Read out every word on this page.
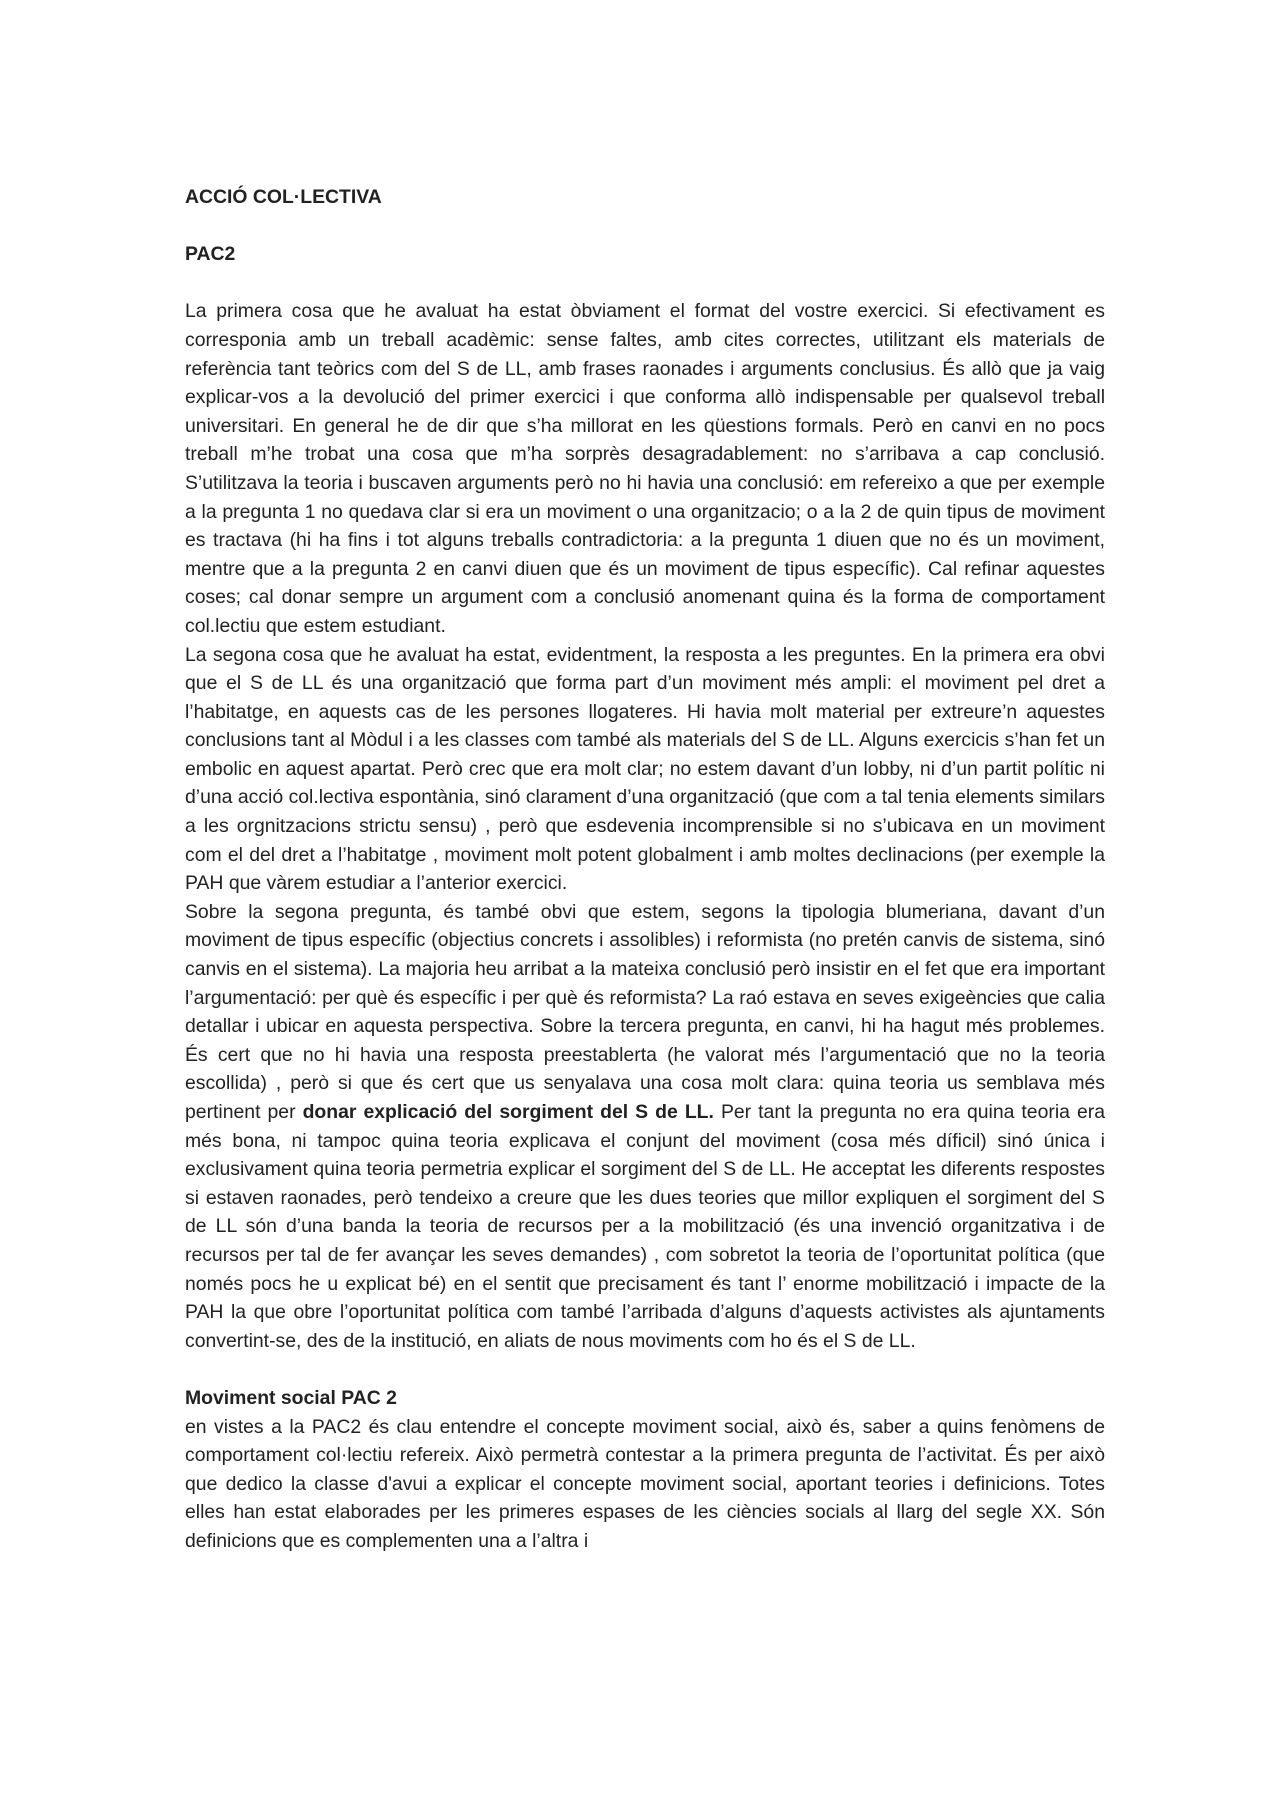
ACCIÓ COL·LECTIVA

PAC2

La primera cosa que he avaluat ha estat òbviament el format del vostre exercici. Si efectivament es corresponia amb un treball acadèmic: sense faltes, amb cites correctes, utilitzant els materials de referència tant teòrics com del S de LL, amb frases raonades i arguments conclusius. És allò que ja vaig explicar-vos a la devolució del primer exercici i que conforma allò indispensable per qualsevol treball universitari. En general he de dir que s’ha millorat en les qüestions formals. Però en canvi en no pocs treball m’he trobat una cosa que m’ha sorprès desagradablement: no s’arribava a cap conclusió. S’utilitzava la teoria i buscaven arguments però no hi havia una conclusió: em refereixo a que per exemple a la pregunta 1 no quedava clar si era un moviment o una organitzacio; o a la 2 de quin tipus de moviment es tractava (hi ha fins i tot alguns treballs contradictoria: a la pregunta 1 diuen que no és un moviment, mentre que a la pregunta 2 en canvi diuen que és un moviment de tipus específic). Cal refinar aquestes coses; cal donar sempre un argument com a conclusió anomenant quina és la forma de comportament col.lectiu que estem estudiant.

La segona cosa que he avaluat ha estat, evidentment, la resposta a les preguntes. En la primera era obvi que el S de LL és una organització que forma part d’un moviment més ampli: el moviment pel dret a l’habitatge, en aquests cas de les persones llogateres. Hi havia molt material per extreure’n aquestes conclusions tant al Mòdul i a les classes com també als materials del S de LL. Alguns exercicis s’han fet un embolic en aquest apartat. Però crec que era molt clar; no estem davant d’un lobby, ni d’un partit polític ni d’una acció col.lectiva espontània, sinó clarament d’una organització (que com a tal tenia elements similars a les orgnitzacions strictu sensu) , però que esdevenia incomprensible si no s’ubicava en un moviment com el del dret a l’habitatge , moviment molt potent globalment i amb moltes declinacions (per exemple la PAH que vàrem estudiar a l’anterior exercici.

Sobre la segona pregunta, és també obvi que estem, segons la tipologia blumeriana, davant d’un moviment de tipus específic (objectius concrets i assolibles) i reformista (no pretén canvis de sistema, sinó canvis en el sistema). La majoria heu arribat a la mateixa conclusió però insistir en el fet que era important l’argumentació: per què és específic i per què és reformista? La raó estava en seves exigeències que calia detallar i ubicar en aquesta perspectiva. Sobre la tercera pregunta, en canvi, hi ha hagut més problemes. És cert que no hi havia una resposta preestablerta (he valorat més l’argumentació que no la teoria escollida) , però si que és cert que us senyalava una cosa molt clara: quina teoria us semblava més pertinent per donar explicació del sorgiment del S de LL. Per tant la pregunta no era quina teoria era més bona, ni tampoc quina teoria explicava el conjunt del moviment (cosa més díficil) sinó única i exclusivament quina teoria permetria explicar el sorgiment del S de LL. He acceptat les diferents respostes si estaven raonades, però tendeixo a creure que les dues teories que millor expliquen el sorgiment del S de LL són d’una banda la teoria de recursos per a la mobilització (és una invenció organitzativa i de recursos per tal de fer avançar les seves demandes) , com sobretot la teoria de l’oportunitat política (que només pocs he u explicat bé) en el sentit que precisament és tant l’ enorme mobilització i impacte de la PAH la que obre l’oportunitat política com també l’arribada d’alguns d’aquests activistes als ajuntaments convertint-se, des de la institució, en aliats de nous moviments com ho és el S de LL.

Moviment social PAC 2

en vistes a la PAC2 és clau entendre el concepte moviment social, això és, saber a quins fenòmens de comportament col·lectiu refereix. Això permetrà contestar a la primera pregunta de l’activitat. És per això que dedico la classe d'avui a explicar el concepte moviment social, aportant teories i definicions. Totes elles han estat elaborades per les primeres espases de les ciències socials al llarg del segle XX. Són definicions que es complementen una a l’altra i
